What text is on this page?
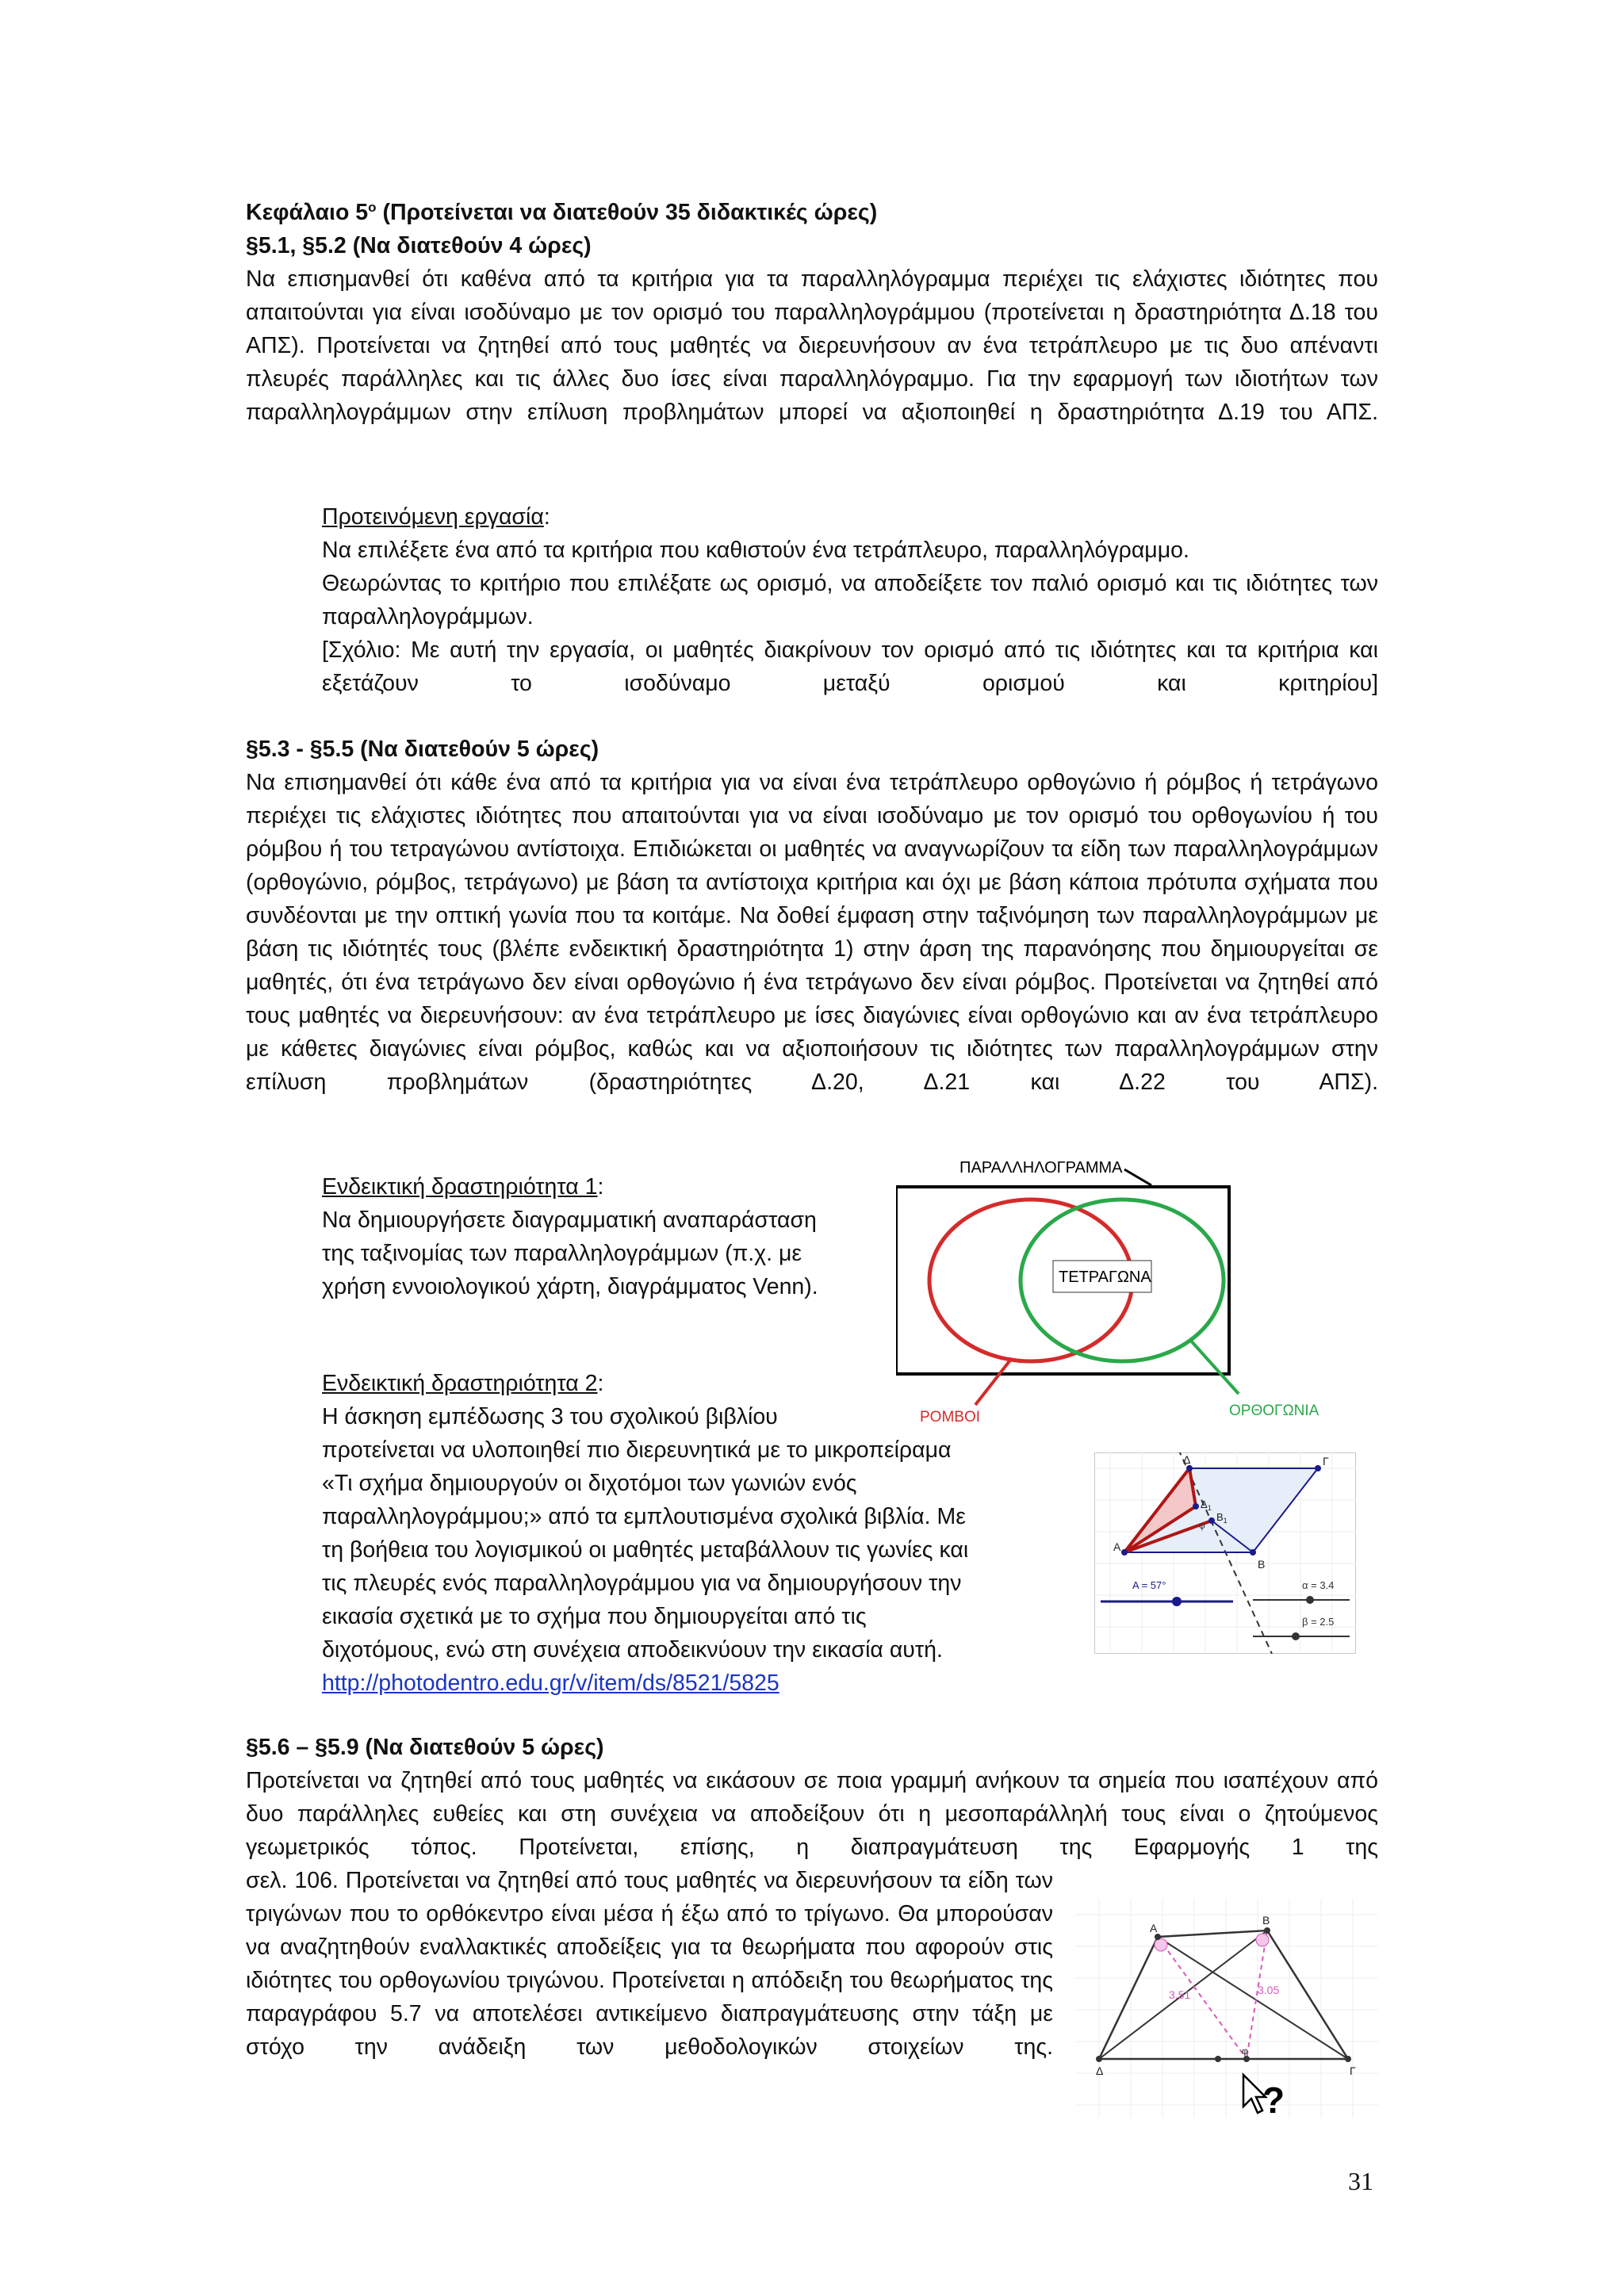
Κεφάλαιο $5^o$ (Προτείνεται να διατεθούν 35 διδακτικές ώρες)
§5.1, §5.2 (Να διατεθούν 4 ώρες)
Να επισημανθεί ότι καθένα από τα κριτήρια για τα παραλληλόγραμμα περιέχει τις ελάχιστες ιδιότητες που απαιτούνται για είναι ισοδύναμο με τον ορισμό του παραλληλογράμμου (προτείνεται η δραστηριότητα Δ.18 του ΑΠΣ). Προτείνεται να ζητηθεί από τους μαθητές να διερευνήσουν αν ένα τετράπλευρο με τις δυο απέναντι πλευρές παράλληλες και τις άλλες δυο ίσες είναι παραλληλόγραμμο. Για την εφαρμογή των ιδιοτήτων των παραλληλογράμμων στην επίλυση προβλημάτων μπορεί να αξιοποιηθεί η δραστηριότητα Δ.19 του ΑΠΣ.
Προτεινόμενη εργασία:
Να επιλέξετε ένα από τα κριτήρια που καθιστούν ένα τετράπλευρο, παραλληλόγραμμο.
Θεωρώντας το κριτήριο που επιλέξατε ως ορισμό, να αποδείξετε τον παλιό ορισμό και τις ιδιότητες των παραλληλογράμμων.
[Σχόλιο: Με αυτή την εργασία, οι μαθητές διακρίνουν τον ορισμό από τις ιδιότητες και τα κριτήρια και εξετάζουν το ισοδύναμο μεταξύ ορισμού και κριτηρίου]
§5.3 - §5.5 (Να διατεθούν 5 ώρες)
Να επισημανθεί ότι κάθε ένα από τα κριτήρια για να είναι ένα τετράπλευρο ορθογώνιο ή ρόμβος ή τετράγωνο περιέχει τις ελάχιστες ιδιότητες που απαιτούνται για να είναι ισοδύναμο με τον ορισμό του ορθογωνίου ή του ρόμβου ή του τετραγώνου αντίστοιχα. Επιδιώκεται οι μαθητές να αναγνωρίζουν τα είδη των παραλληλογράμμων (ορθογώνιο, ρόμβος, τετράγωνο) με βάση τα αντίστοιχα κριτήρια και όχι με βάση κάποια πρότυπα σχήματα που συνδέονται με την οπτική γωνία που τα κοιτάμε. Να δοθεί έμφαση στην ταξινόμηση των παραλληλογράμμων με βάση τις ιδιότητές τους (βλέπε ενδεικτική δραστηριότητα 1) στην άρση της παρανόησης που δημιουργείται σε μαθητές, ότι ένα τετράγωνο δεν είναι ορθογώνιο ή ένα τετράγωνο δεν είναι ρόμβος. Προτείνεται να ζητηθεί από τους μαθητές να διερευνήσουν: αν ένα τετράπλευρο με ίσες διαγώνιες είναι ορθογώνιο και αν ένα τετράπλευρο με κάθετες διαγώνιες είναι ρόμβος, καθώς και να αξιοποιήσουν τις ιδιότητες των παραλληλογράμμων στην επίλυση προβλημάτων (δραστηριότητες Δ.20, Δ.21 και Δ.22 του ΑΠΣ).
Ενδεικτική δραστηριότητα 1:
Να δημιουργήσετε διαγραμματική αναπαράσταση
της ταξινομίας των παραλληλογράμμων (π.χ. με
χρήση εννοιολογικού χάρτη, διαγράμματος Venn).
Ενδεικτική δραστηριότητα 2:
Η άσκηση εμπέδωσης 3 του σχολικού βιβλίου
προτείνεται να υλοποιηθεί πιο διερευνητικά με το μικροπείραμα
«Τι σχήμα δημιουργούν οι διχοτόμοι των γωνιών ενός
παραλληλογράμμου;» από τα εμπλουτισμένα σχολικά βιβλία. Με
τη βοήθεια του λογισμικού οι μαθητές μεταβάλλουν τις γωνίες και
τις πλευρές ενός παραλληλογράμμου για να δημιουργήσουν την
εικασία σχετικά με το σχήμα που δημιουργείται από τις
διχοτόμους, ενώ στη συνέχεια αποδεικνύουν την εικασία αυτή.
http://photodentro.edu.gr/v/item/ds/8521/5825
ΠΑΡΑΛΛΗΛΟΓΡΑΜΜΑ
ΤΕΤΡΑΓΩΝΑ
ΡΟΜΒΟΙ	ΟΡΘΟΓΩΝΙΑ
Δ	Γ
Α
Β
$\Delta_1$
$B_1$
φ
Α = 57°	α = 3.4
β = 2.5
§5.6 – §5.9 (Να διατεθούν 5 ώρες)
Προτείνεται να ζητηθεί από τους μαθητές να εικάσουν σε ποια γραμμή ανήκουν τα σημεία που ισαπέχουν από δυο παράλληλες ευθείες και στη συνέχεια να αποδείξουν ότι η μεσοπαράλληλή τους είναι ο ζητούμενος γεωμετρικός τόπος. Προτείνεται, επίσης, η διαπραγμάτευση της Εφαρμογής 1 της
σελ. 106. Προτείνεται να ζητηθεί από τους μαθητές να διερευνήσουν τα είδη των τριγώνων που το ορθόκεντρο είναι μέσα ή έξω από το τρίγωνο. Θα μπορούσαν να αναζητηθούν εναλλακτικές αποδείξεις για τα θεωρήματα που αφορούν στις ιδιότητες του ορθογωνίου τριγώνου. Προτείνεται η απόδειξη του θεωρήματος της παραγράφου 5.7 να αποτελέσει αντικείμενο διαπραγμάτευσης στην τάξη με στόχο την ανάδειξη των μεθοδολογικών στοιχείων της.
Α
Β
Δ	Γ
3.05
3.51
φ
?
31
